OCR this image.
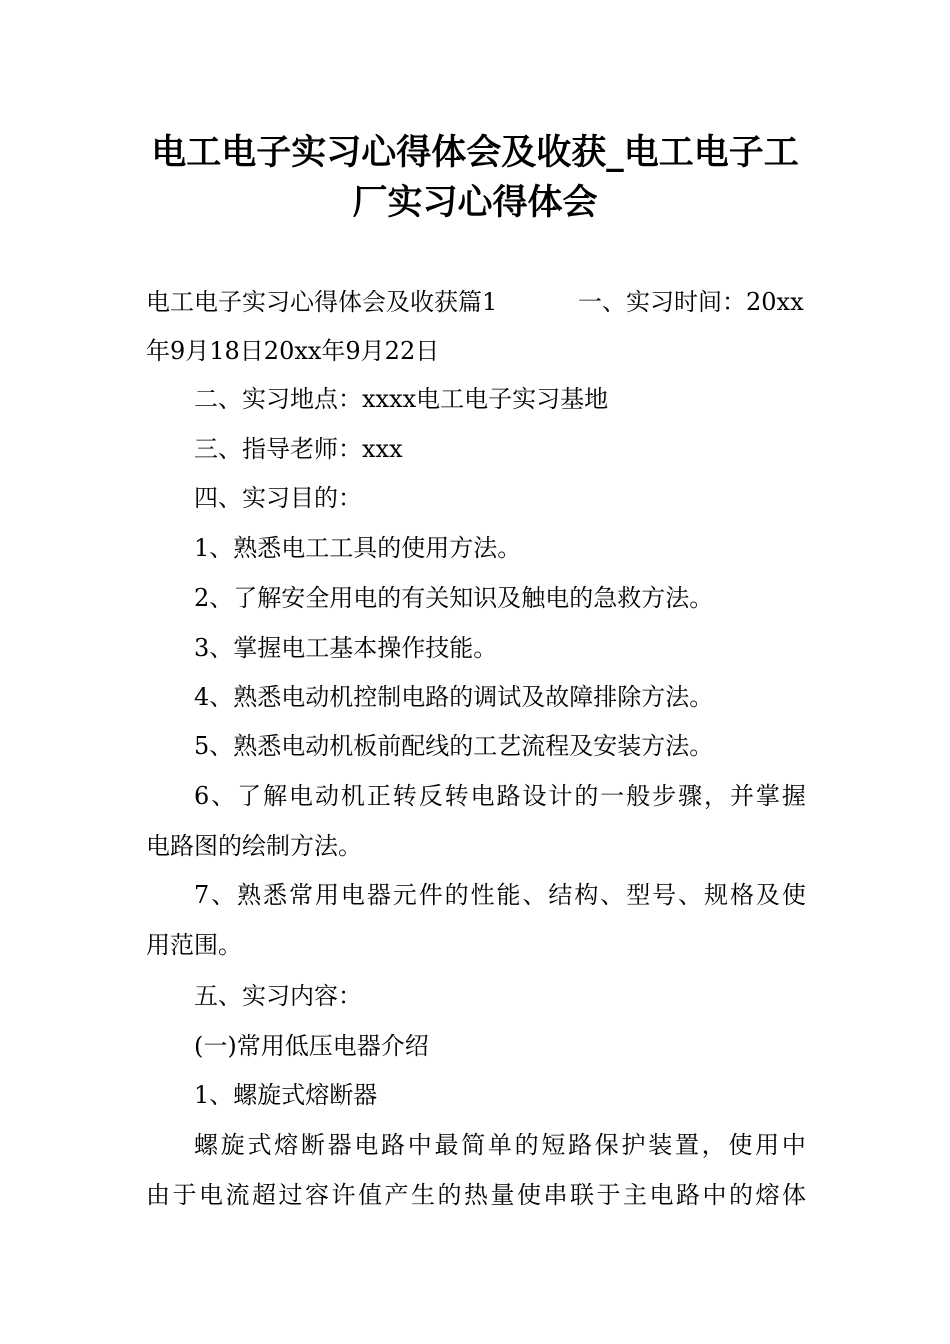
电工电子实习心得体会及收获_电工电子工
厂实习心得体会
电工电子实习心得体会及收获篇1	一、实习时间：20xx
年9月18日20xx年9月22日
二、实习地点：xxxx电工电子实习基地
三、指导老师：xxx
四、实习目的：
1、熟悉电工工具的使用方法。
2、了解安全用电的有关知识及触电的急救方法。
3、掌握电工基本操作技能。
4、熟悉电动机控制电路的调试及故障排除方法。
5、熟悉电动机板前配线的工艺流程及安装方法。
6 、 了 解 电 动 机 正 转 反 转 电 路 设 计 的 一 般 步 骤 ， 并 掌 握
电路图的绘制方法。
7 、 熟 悉 常 用 电 器 元 件 的 性 能 、 结 构 、 型 号 、 规 格 及 使
用范围。
五、实习内容：
(一)常用低压电器介绍
1、螺旋式熔断器
螺 旋 式 熔 断 器 电 路 中 最 简 单 的 短 路 保 护 装 置 ， 使 用 中
由 于 电 流 超 过 容 许 值 产 生 的 热 量 使 串 联 于 主 电 路 中 的 熔 体
